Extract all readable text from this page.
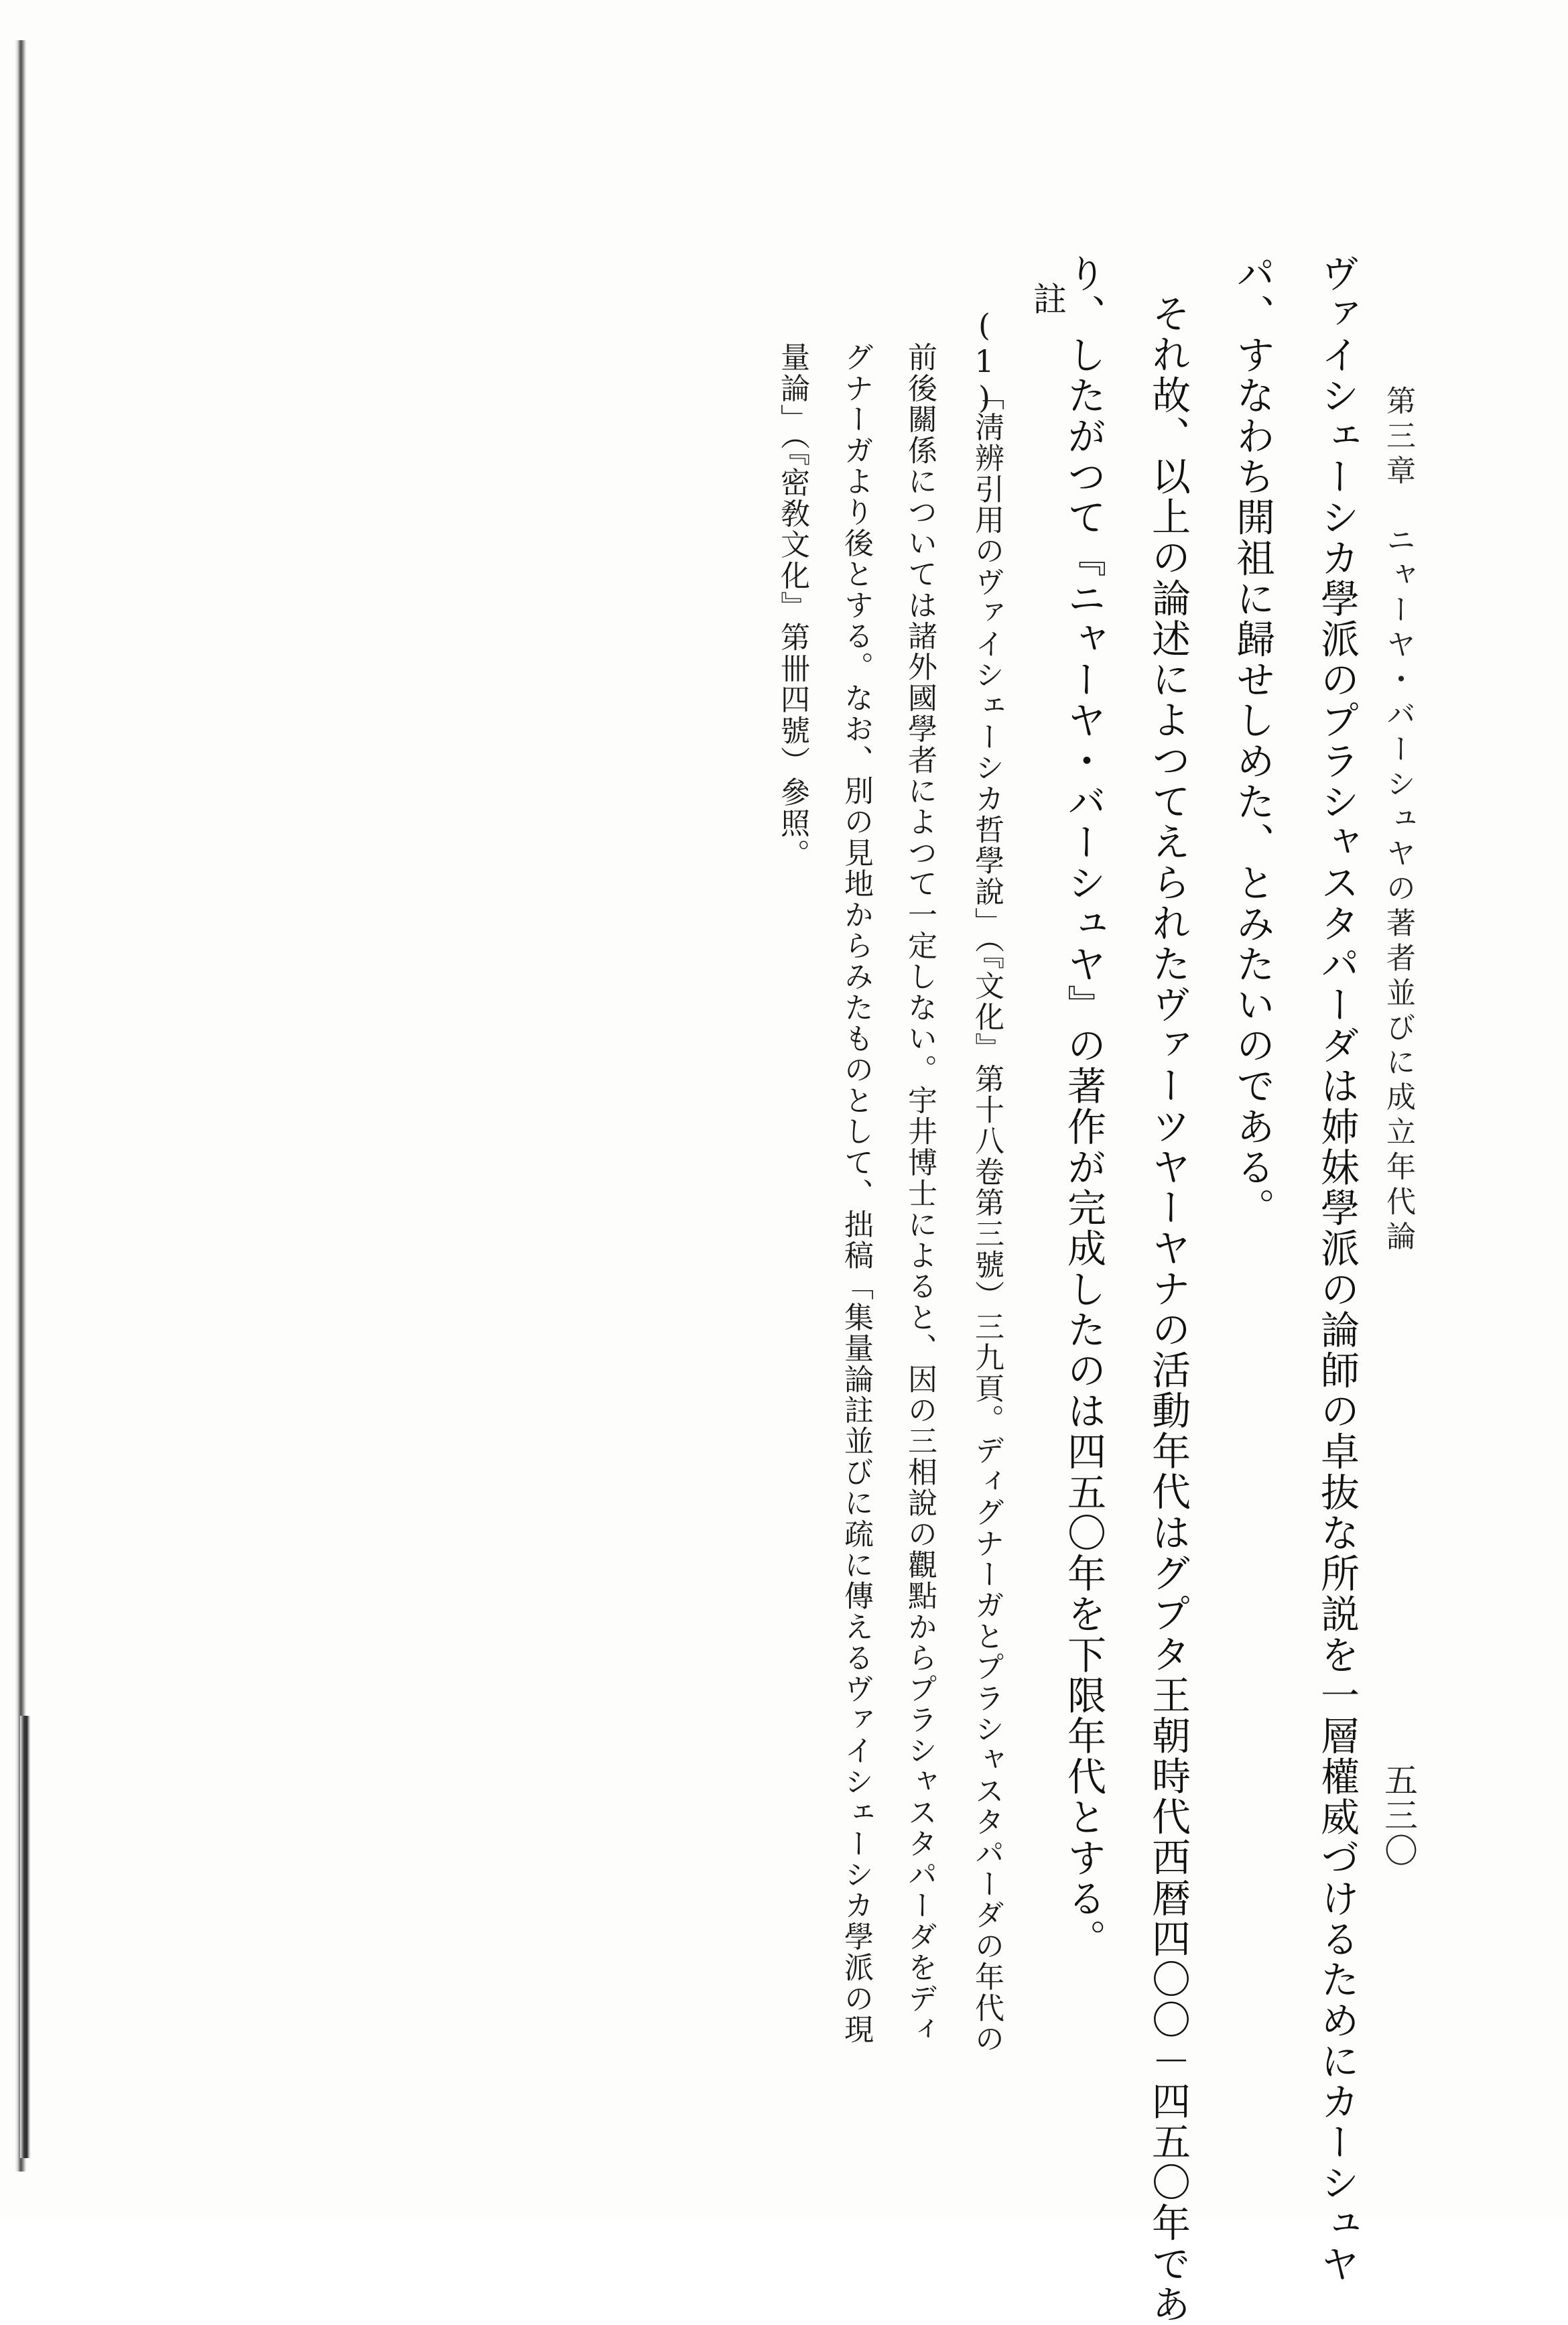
第三章　ニャーヤ・バーシュヤの著者並びに成立年代論
五三〇
ヴァイシェーシカ學派のプラシャスタパーダは姉妹學派の論師の卓抜な所説を一層權威づけるためにカーシュヤ
パ、すなわち開祖に歸せしめた、とみたいのである。
それ故、以上の論述によつてえられたヴァーツヤーヤナの活動年代はグプタ王朝時代西暦四〇〇－四五〇年であ
り、したがつて『ニャーヤ・バーシュヤ』の著作が完成したのは四五〇年を下限年代とする。
註
(1)
「淸辨引用のヴァイシェーシカ哲學說」（『文化』第十八卷第三號）三九頁。ディグナーガとプラシャスタパーダの年代の
前後關係については諸外國學者によつて一定しない。宇井博士によると、因の三相說の觀點からプラシャスタパーダをディ
グナーガより後とする。なお、別の見地からみたものとして、拙稿「集量論註並びに疏に傳えるヴァイシェーシカ學派の現
量論」（『密敎文化』第卌四號）參照。
